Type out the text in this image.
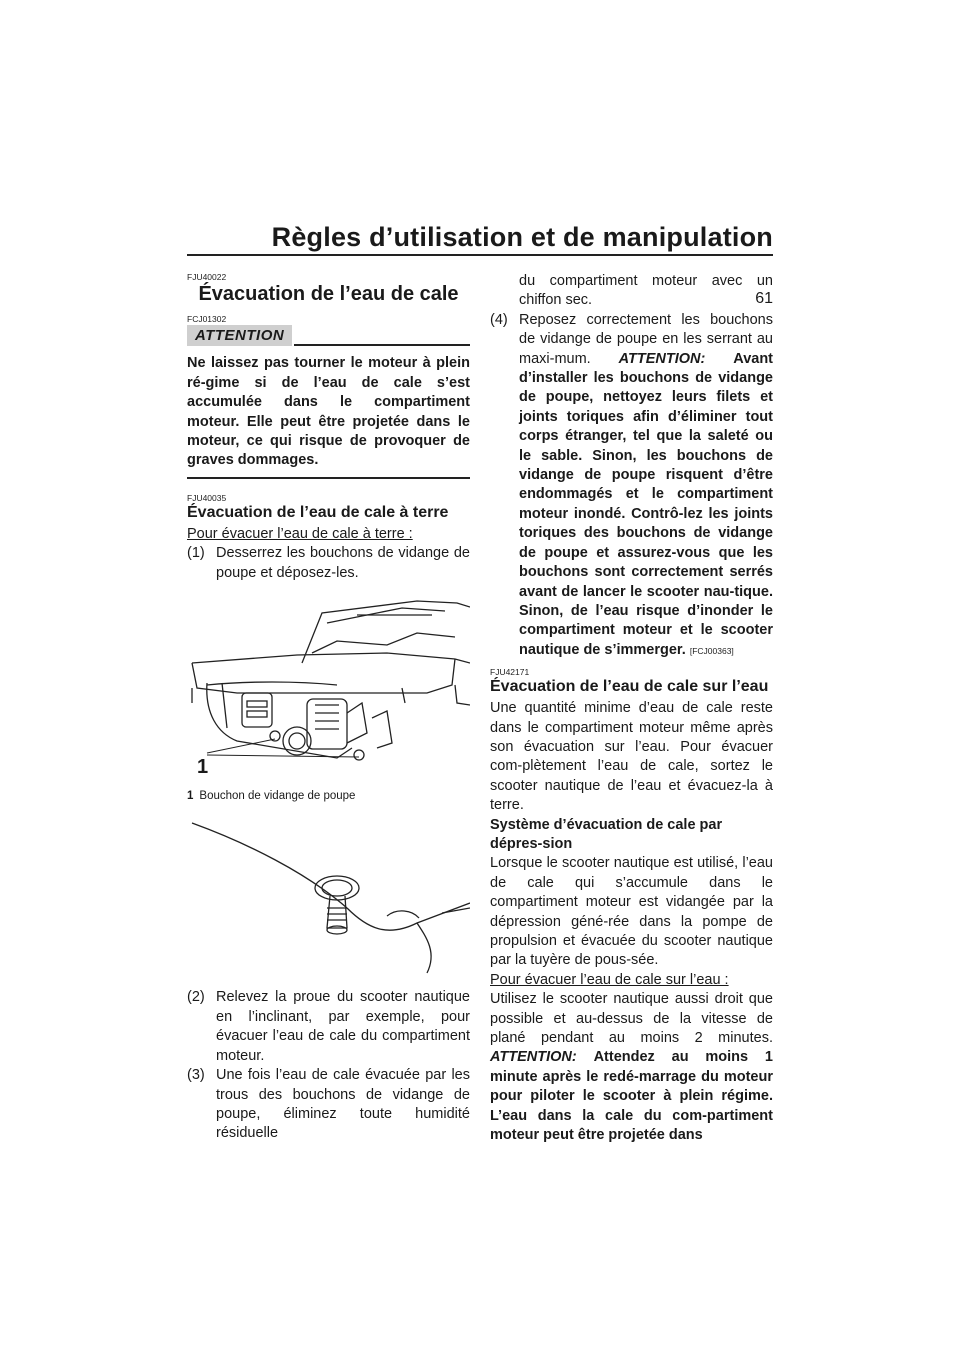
Règles d’utilisation et de manipulation
61
FJU40022
Évacuation de l’eau de cale
FCJ01302
ATTENTION

Ne laissez pas tourner le moteur à plein ré-gime si de l’eau de cale s’est accumulée dans le compartiment moteur. Elle peut être projetée dans le moteur, ce qui risque de provoquer de graves dommages.

FJU40035
Évacuation de l’eau de cale à terre
Pour évacuer l’eau de cale à terre :
(1) Desserrez les bouchons de vidange de poupe et déposez-les.
1
1 Bouchon de vidange de poupe
(2) Relevez la proue du scooter nautique en l’inclinant, par exemple, pour évacuer l’eau de cale du compartiment moteur.
(3) Une fois l’eau de cale évacuée par les trous des bouchons de vidange de poupe, éliminez toute humidité résiduelle
du compartiment moteur avec un chiffon sec.
(4) Reposez correctement les bouchons de vidange de poupe en les serrant au maxi-mum. ATTENTION: Avant d’installer les bouchons de vidange de poupe, nettoyez leurs filets et joints toriques afin d’éliminer tout corps étranger, tel que la saleté ou le sable. Sinon, les bouchons de vidange de poupe risquent d’être endommagés et le compartiment moteur inondé. Contrô-lez les joints toriques des bouchons de vidange de poupe et assurez-vous que les bouchons sont correctement serrés avant de lancer le scooter nau-tique. Sinon, de l’eau risque d’inonder le compartiment moteur et le scooter nautique de s’immerger. [FCJ00363]
FJU42171
Évacuation de l’eau de cale sur l’eau

Une quantité minime d’eau de cale reste dans le compartiment moteur même après son évacuation sur l’eau. Pour évacuer com-plètement l’eau de cale, sortez le scooter nautique de l’eau et évacuez-la à terre.

Système d’évacuation de cale par dépres-sion

Lorsque le scooter nautique est utilisé, l’eau de cale qui s’accumule dans le compartiment moteur est vidangée par la dépression géné-rée dans la pompe de propulsion et évacuée du scooter nautique par la tuyère de pous-sée.

Pour évacuer l’eau de cale sur l’eau :

Utilisez le scooter nautique aussi droit que possible et au-dessus de la vitesse de plané pendant au moins 2 minutes. ATTENTION: Attendez au moins 1 minute après le redé-marrage du moteur pour piloter le scooter à plein régime. L’eau dans la cale du com-partiment moteur peut être projetée dans
